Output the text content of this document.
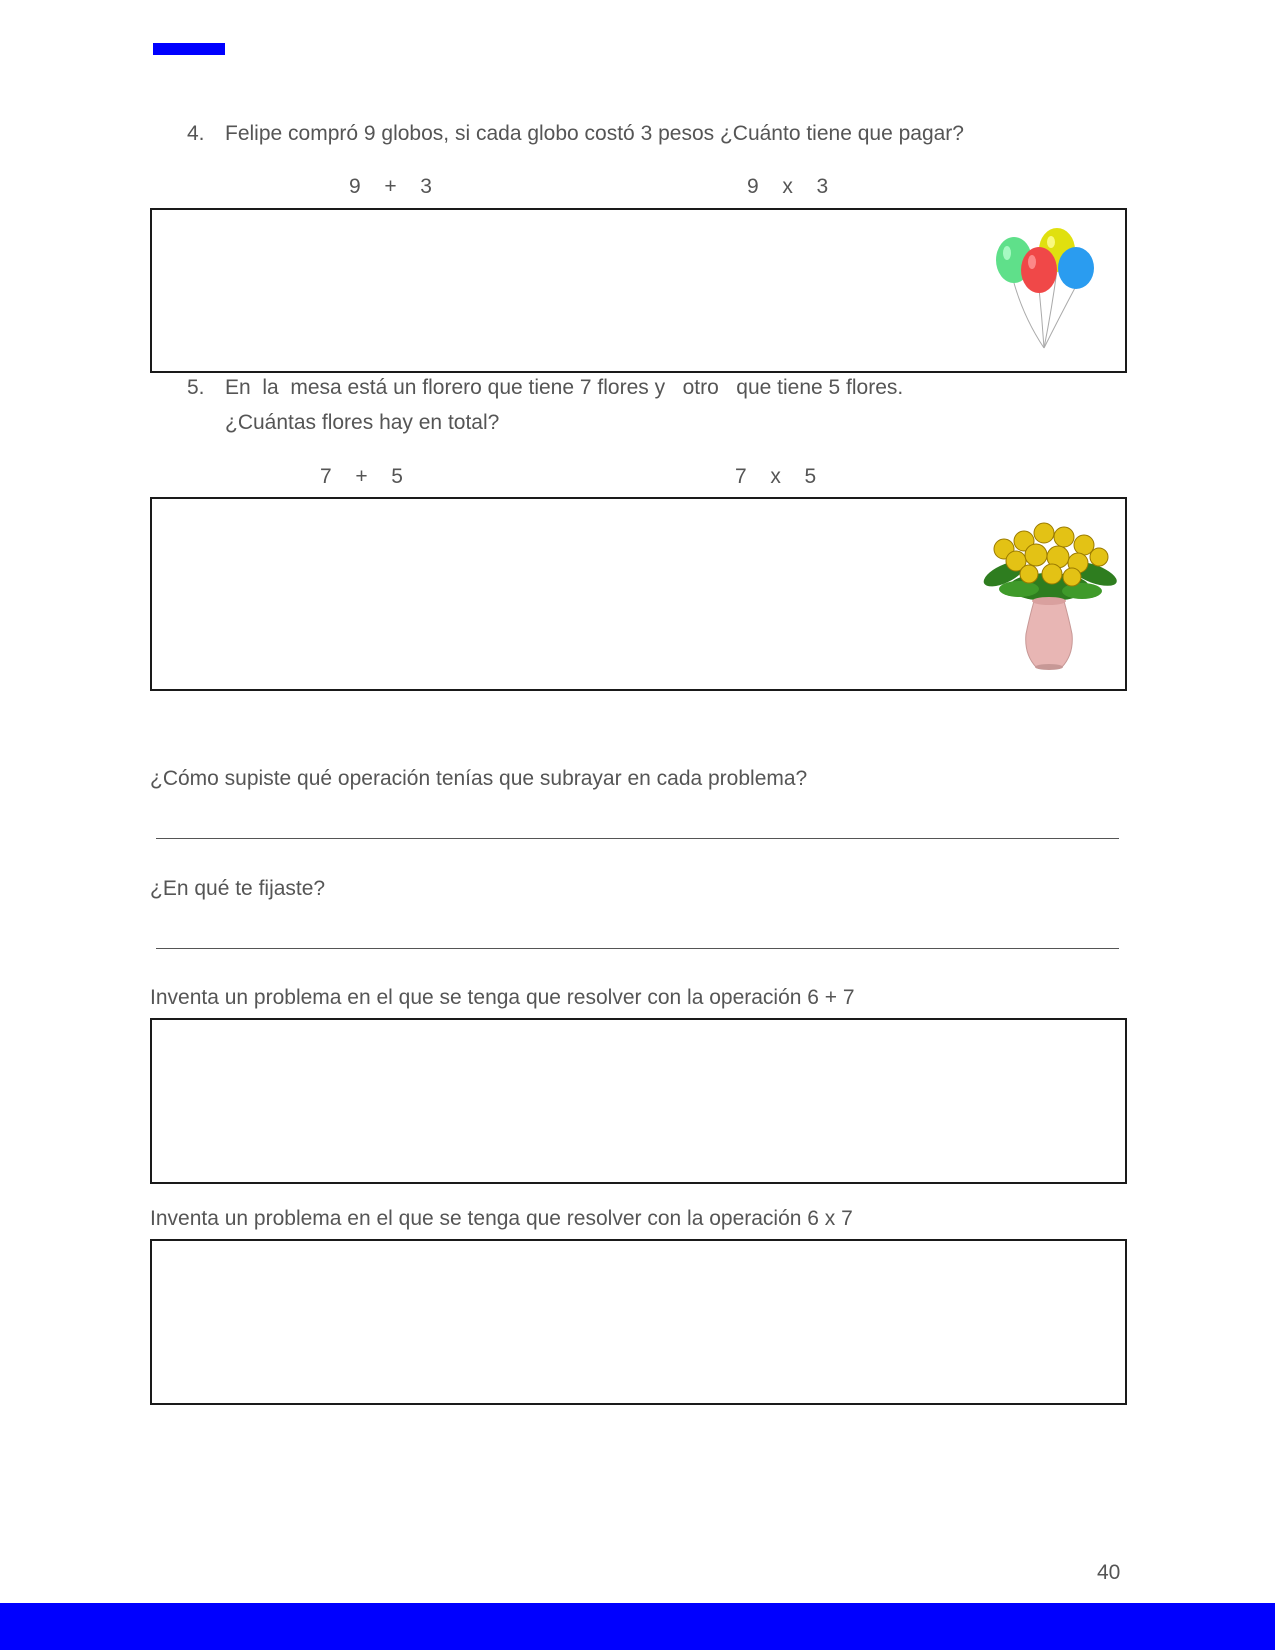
4. Felipe compró 9 globos, si cada globo costó 3 pesos ¿Cuánto tiene que pagar?
9  +  3	9  x  3
5. En  la  mesa está un florero que tiene 7 flores y   otro   que tiene 5 flores.
¿Cuántas flores hay en total?
7  +  5	7  x  5
¿Cómo supiste qué operación tenías que subrayar en cada problema?
¿En qué te fijaste?
Inventa un problema en el que se tenga que resolver con la operación 6 + 7
Inventa un problema en el que se tenga que resolver con la operación 6 x 7
40
